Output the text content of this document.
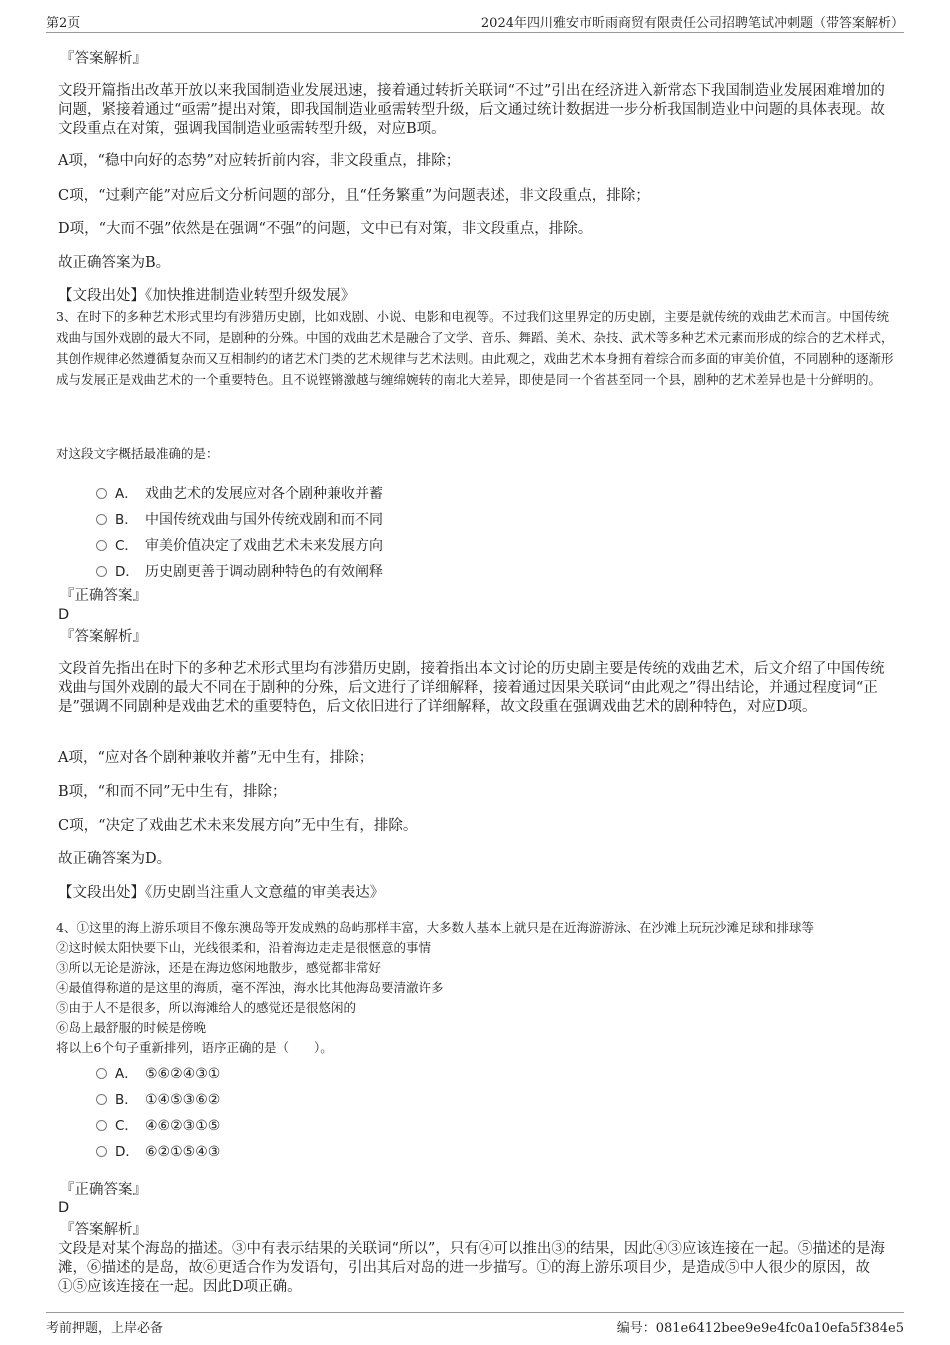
第2页	2024年四川雅安市昕雨商贸有限责任公司招聘笔试冲刺题（带答案解析）
『答案解析』
文段开篇指出改革开放以来我国制造业发展迅速，接着通过转折关联词“不过”引出在经济进入新常态下我国制造业发展困难增加的问题，紧接着通过“亟需”提出对策，即我国制造业亟需转型升级，后文通过统计数据进一步分析我国制造业中问题的具体表现。故文段重点在对策，强调我国制造业亟需转型升级，对应B项。
A项，“稳中向好的态势”对应转折前内容，非文段重点，排除；
C项，“过剩产能”对应后文分析问题的部分，且“任务繁重”为问题表述，非文段重点，排除；
D项，“大而不强”依然是在强调“不强”的问题，文中已有对策，非文段重点，排除。
故正确答案为B。
【文段出处】《加快推进制造业转型升级发展》
3、在时下的多种艺术形式里均有涉猎历史剧，比如戏剧、小说、电影和电视等。不过我们这里界定的历史剧，主要是就传统的戏曲艺术而言。中国传统戏曲与国外戏剧的最大不同，是剧种的分殊。中国的戏曲艺术是融合了文学、音乐、舞蹈、美术、杂技、武术等多种艺术元素而形成的综合的艺术样式，其创作规律必然遵循复杂而又互相制约的诸艺术门类的艺术规律与艺术法则。由此观之，戏曲艺术本身拥有着综合而多面的审美价值，不同剧种的逐渐形成与发展正是戏曲艺术的一个重要特色。且不说铿锵激越与缠绵婉转的南北大差异，即使是同一个省甚至同一个县，剧种的艺术差异也是十分鲜明的。
对这段文字概括最准确的是：
A． 戏曲艺术的发展应对各个剧种兼收并蓄
B． 中国传统戏曲与国外传统戏剧和而不同
C． 审美价值决定了戏曲艺术未来发展方向
D． 历史剧更善于调动剧种特色的有效阐释
『正确答案』
D
『答案解析』
文段首先指出在时下的多种艺术形式里均有涉猎历史剧，接着指出本文讨论的历史剧主要是传统的戏曲艺术，后文介绍了中国传统戏曲与国外戏剧的最大不同在于剧种的分殊，后文进行了详细解释，接着通过因果关联词“由此观之”得出结论，并通过程度词“正是”强调不同剧种是戏曲艺术的重要特色，后文依旧进行了详细解释，故文段重在强调戏曲艺术的剧种特色，对应D项。
A项，“应对各个剧种兼收并蓄”无中生有，排除；
B项，“和而不同”无中生有，排除；
C项，“决定了戏曲艺术未来发展方向”无中生有，排除。
故正确答案为D。
【文段出处】《历史剧当注重人文意蕴的审美表达》
4、①这里的海上游乐项目不像东澳岛等开发成熟的岛屿那样丰富，大多数人基本上就只是在近海游游泳、在沙滩上玩玩沙滩足球和排球等
②这时候太阳快要下山，光线很柔和，沿着海边走走是很惬意的事情
③所以无论是游泳，还是在海边悠闲地散步，感觉都非常好
④最值得称道的是这里的海质，毫不浑浊，海水比其他海岛要清澈许多
⑤由于人不是很多，所以海滩给人的感觉还是很悠闲的
⑥岛上最舒服的时候是傍晚
将以上6个句子重新排列，语序正确的是（　　）。
A． ⑤⑥②④③①
B． ①④⑤③⑥②
C． ④⑥②③①⑤
D． ⑥②①⑤④③
『正确答案』
D
『答案解析』
文段是对某个海岛的描述。③中有表示结果的关联词“所以”，只有④可以推出③的结果，因此④③应该连接在一起。⑤描述的是海滩，⑥描述的是岛，故⑥更适合作为发语句，引出其后对岛的进一步描写。①的海上游乐项目少，是造成⑤中人很少的原因，故①⑤应该连接在一起。因此D项正确。
考前押题，上岸必备	编号：081e6412bee9e9e4fc0a10efa5f384e5
